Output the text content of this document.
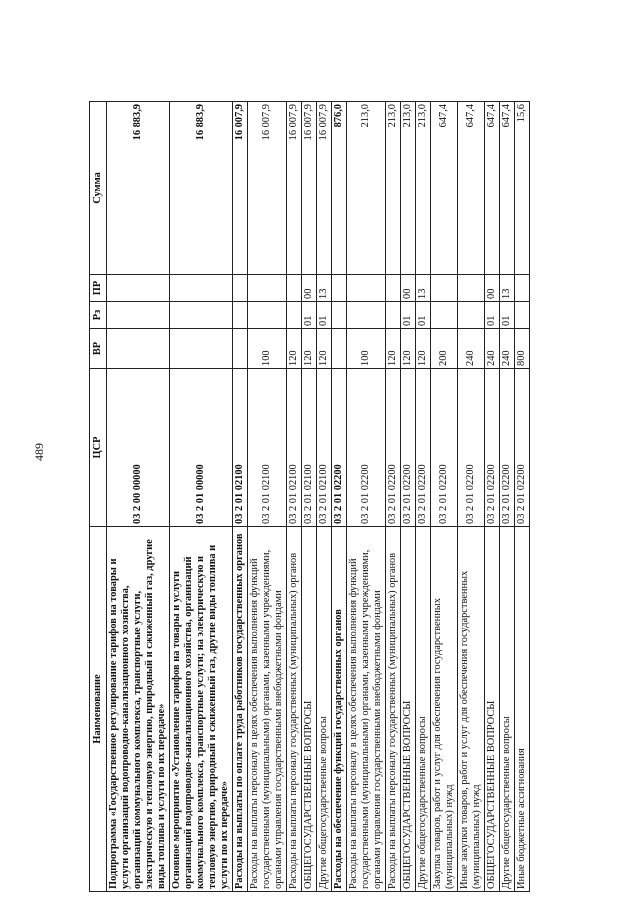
489
Наименование	ЦСР	ВР	Рз	ПР	Сумма
Подпрограмма «Государственное регулирование тарифов на товары и услуги организаций водопроводно-канализационного хозяйства, организаций коммунального комплекса, транспортные услуги, электрическую и тепловую энергию, природный и сжиженный газ, другие виды топлива и услуги по их передаче»	03 2 00 00000				16 883,9
Основное мероприятие «Установление тарифов на товары и услуги организаций водопроводно-канализационного хозяйства, организаций коммунального комплекса, транспортные услуги; на электрическую и тепловую энергию, природный и сжиженный газ, другие виды топлива и услуги по их передаче»	03 2 01 00000				16 883,9
Расходы на выплаты по оплате труда работников государственных органов	03 2 01 02100				16 007,9
Расходы на выплаты персоналу в целях обеспечения выполнения функций государственными (муниципальными) органами, казенными учреждениями, органами управления государственными внебюджетными фондами	03 2 01 02100	100			16 007,9
Расходы на выплаты персоналу государственных (муниципальных) органов	03 2 01 02100	120			16 007,9
ОБЩЕГОСУДАРСТВЕННЫЕ ВОПРОСЫ	03 2 01 02100	120	01	00	16 007,9
Другие общегосударственные вопросы	03 2 01 02100	120	01	13	16 007,9
Расходы на обеспечение функций государственных органов	03 2 01 02200				876,0
Расходы на выплаты персоналу в целях обеспечения выполнения функций государственными (муниципальными) органами, казенными учреждениями, органами управления государственными внебюджетными фондами	03 2 01 02200	100			213,0
Расходы на выплаты персоналу государственных (муниципальных) органов	03 2 01 02200	120			213,0
ОБЩЕГОСУДАРСТВЕННЫЕ ВОПРОСЫ	03 2 01 02200	120	01	00	213,0
Другие общегосударственные вопросы	03 2 01 02200	120	01	13	213,0
Закупка товаров, работ и услуг для обеспечения государственных (муниципальных) нужд	03 2 01 02200	200			647,4
Иные закупки товаров, работ и услуг для обеспечения государственных (муниципальных) нужд	03 2 01 02200	240			647,4
ОБЩЕГОСУДАРСТВЕННЫЕ ВОПРОСЫ	03 2 01 02200	240	01	00	647,4
Другие общегосударственные вопросы	03 2 01 02200	240	01	13	647,4
Иные бюджетные ассигнования	03 2 01 02200	800			15,6
